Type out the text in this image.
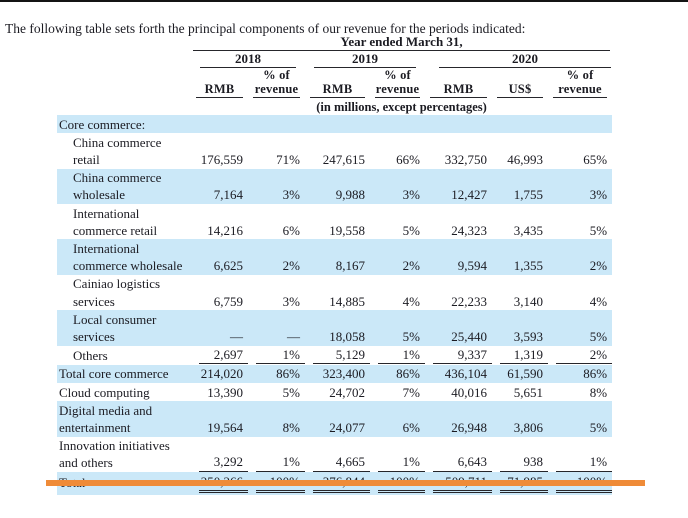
The following table sets forth the principal components of our revenue for the periods indicated:

	Year ended March 31,						

	2018		2019		2020		

	RMB	% of revenue	RMB	% of revenue	RMB	US$	% of revenue

	(in millions, except percentages)						
Core commerce:	

China commerce retail	176,559	71%	247,615	66%	332,750	46,993	65%

China commerce wholesale	7,164	3%	9,988	3%	12,427	1,755	3%

International commerce retail	14,216	6%	19,558	5%	24,323	3,435	5%

International commerce wholesale	6,625	2%	8,167	2%	9,594	1,355	2%

Cainiao logistics services	6,759	3%	14,885	4%	22,233	3,140	4%

Local consumer services	—	—	18,058	5%	25,440	3,593	5%

Others	2,697	1%	5,129	1%	9,337	1,319	2%

Total core commerce	214,020	86%	323,400	86%	436,104	61,590	86%

Cloud computing	13,390	5%	24,702	7%	40,016	5,651	8%

Digital media and entertainment	19,564	8%	24,077	6%	26,948	3,806	5%

Innovation initiatives and others	3,292	1%	4,665	1%	6,643	938	1%
